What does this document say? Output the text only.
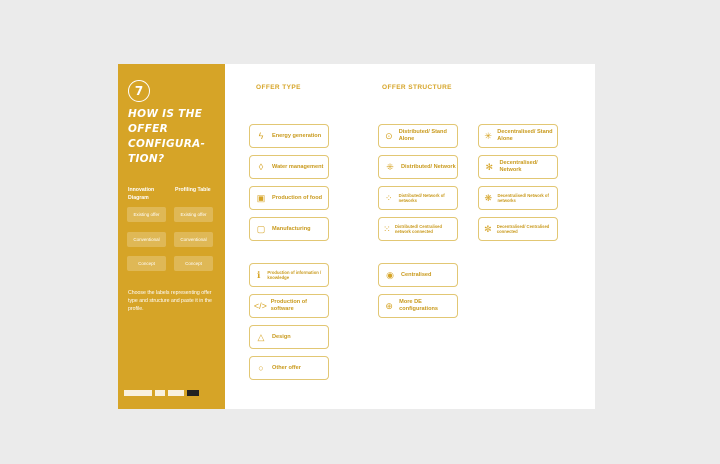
7
HOW IS THE OFFER CONFIGURA-TION?
Innovation Diagram
Profiling Table
Existing offer	Existing offer
Conventional	Conventional
Concept	Concept
Choose the labels representing offer type and structure and paste it in the profile.
OFFER TYPE	OFFER STRUCTURE
ϟ	Energy generation
◊	Water management
▣	Production of food
▢	Manufacturing
ℹ	Production of information / knowledge
</> Production of software
△	Design
○	Other offer
⊙	Distributed/ Stand Alone
⁜	Distributed/ Network
⁘	Distributed/ Network of networks
⁙ Distributed/ Centralised network connected
◉	Centralised
⊕	More DE configurations
✳ Decentralised/ Stand Alone
✻	Decentralised/ Network
❋	Decentralised/ Network of networks
✼	Decentralised/ Centralised connected
